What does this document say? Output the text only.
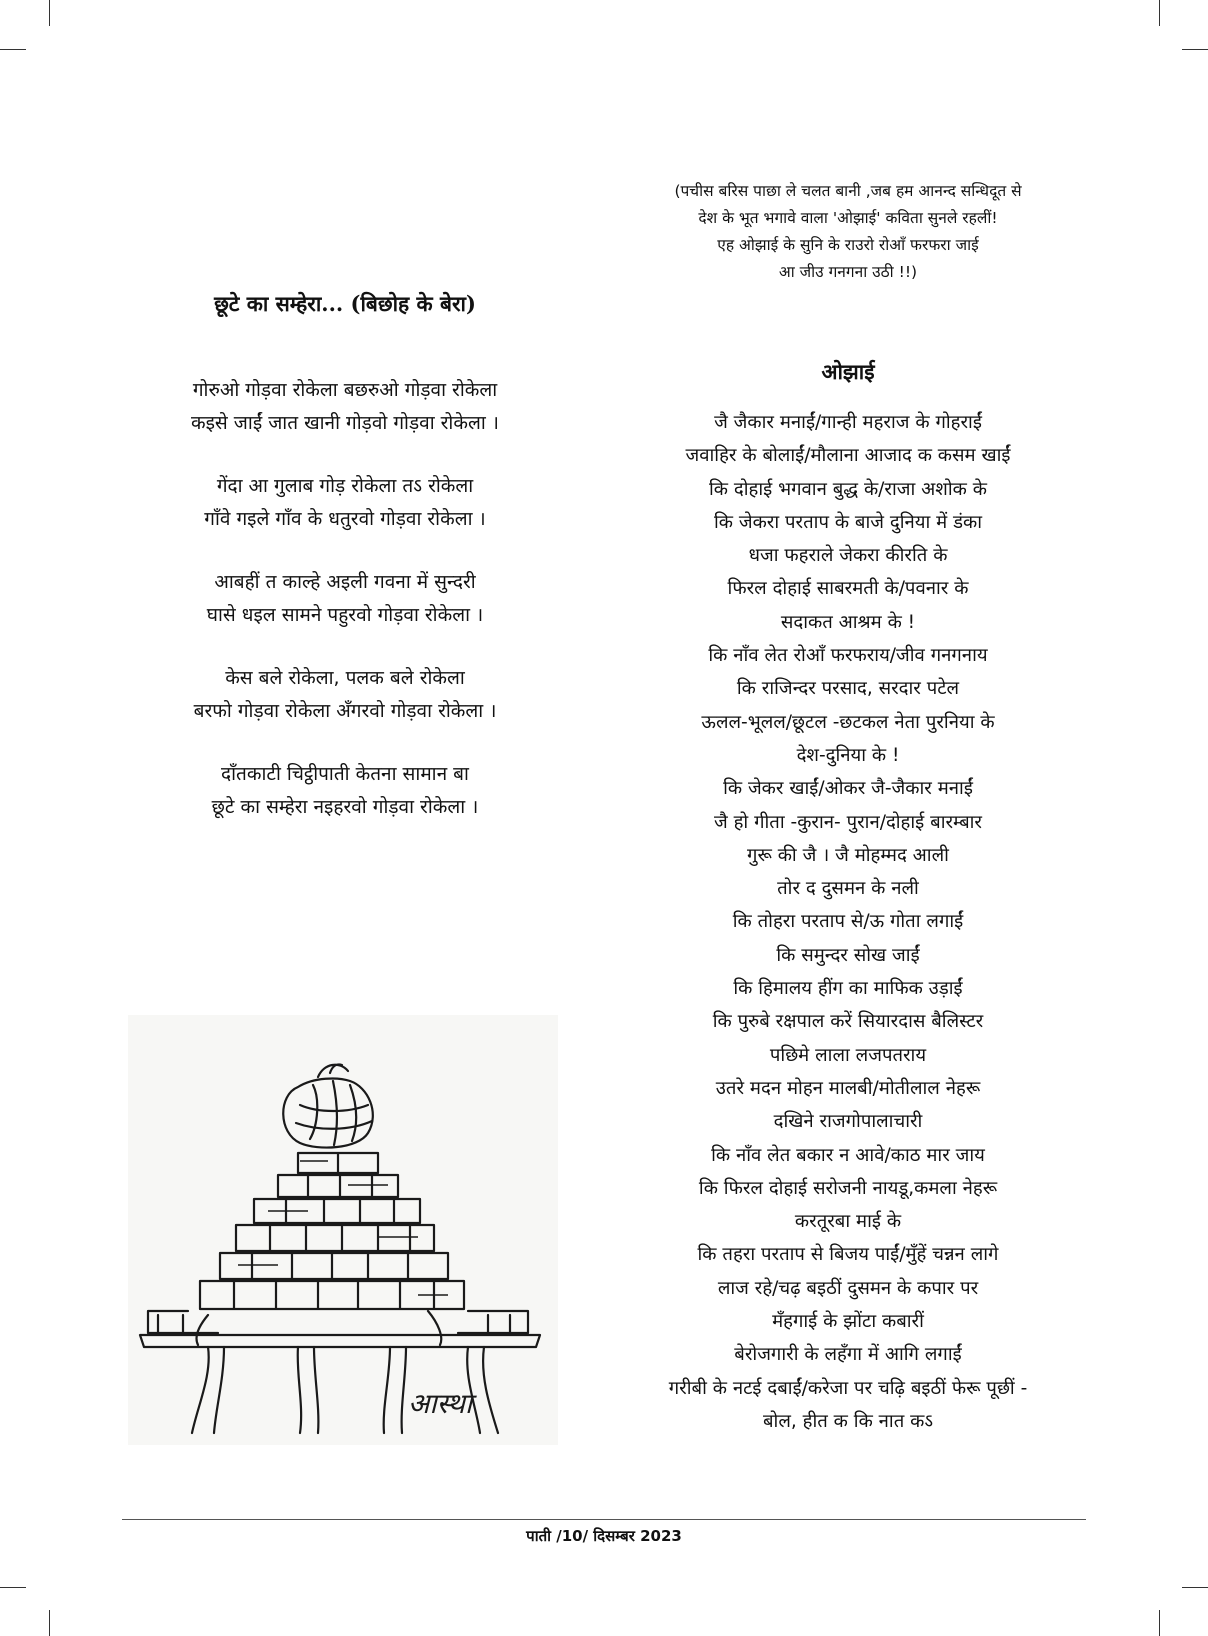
छूटे का सम्हेरा... (बिछोह के बेरा)
गोरुओ गोड़वा रोकेला बछरुओ गोड़वा रोकेला
कइसे जाईं जात खानी गोड़वो गोड़वा रोकेला ।
गेंदा आ गुलाब गोड़ रोकेला तऽ रोकेला
गाँवे गइले गाँव के धतुरवो गोड़वा रोकेला ।
आबहीं त काल्हे अइली गवना में सुन्दरी
घासे धइल सामने पहुरवो गोड़वा रोकेला ।
केस बले रोकेला, पलक बले रोकेला
बरफो गोड़वा रोकेला अँगरवो गोड़वा रोकेला ।
दाँतकाटी चिट्ठीपाती केतना सामान बा
छूटे का सम्हेरा नइहरवो गोड़वा रोकेला ।
(पचीस बरिस पाछा ले चलत बानी ,जब हम आनन्द सन्धिदूत से
देश के भूत भगावे वाला 'ओझाई' कविता सुनले रहलीं!
एह ओझाई के सुनि के राउरो रोआँ फरफरा जाई
आ जीउ गनगना उठी !!)
ओझाई
जै जैकार मनाईं/गान्ही महराज के गोहराईं
जवाहिर के बोलाईं/मौलाना आजाद क कसम खाईं
कि दोहाई भगवान बुद्ध के/राजा अशोक के
कि जेकरा परताप के बाजे दुनिया में डंका
धजा फहराले जेकरा कीरति के
फिरल दोहाई साबरमती के/पवनार के
सदाकत आश्रम के !
कि नाँव लेत रोआँ फरफराय/जीव गनगनाय
कि राजिन्दर परसाद, सरदार पटेल
ऊलल-भूलल/छूटल -छटकल नेता पुरनिया के
देश-दुनिया के !
कि जेकर खाईं/ओकर जै-जैकार मनाईं
जै हो गीता -कुरान- पुरान/दोहाई बारम्बार
गुरू की जै । जै मोहम्मद आली
तोर द दुसमन के नली
कि तोहरा परताप से/ऊ गोता लगाईं
कि समुन्दर सोख जाईं
कि हिमालय हींग का माफिक उड़ाईं
कि पुरुबे रक्षपाल करें सियारदास बैलिस्टर
पछिमे लाला लजपतराय
उतरे मदन मोहन मालबी/मोतीलाल नेहरू
दखिने राजगोपालाचारी
कि नाँव लेत बकार न आवे/काठ मार जाय
कि फिरल दोहाई सरोजनी नायडू,कमला नेहरू
करतूरबा माई के
कि तहरा परताप से बिजय पाईं/मुँहें चन्नन लागे
लाज रहे/चढ़ बइठीं दुसमन के कपार पर
मँहगाई के झोंटा कबारीं
बेरोजगारी के लहँगा में आगि लगाईं
गरीबी के नटई दबाईं/करेजा पर चढ़ि बइठीं फेरू पूछीं -
बोल, हीत क कि नात कऽ
आस्था
पाती /10/ दिसम्बर 2023
